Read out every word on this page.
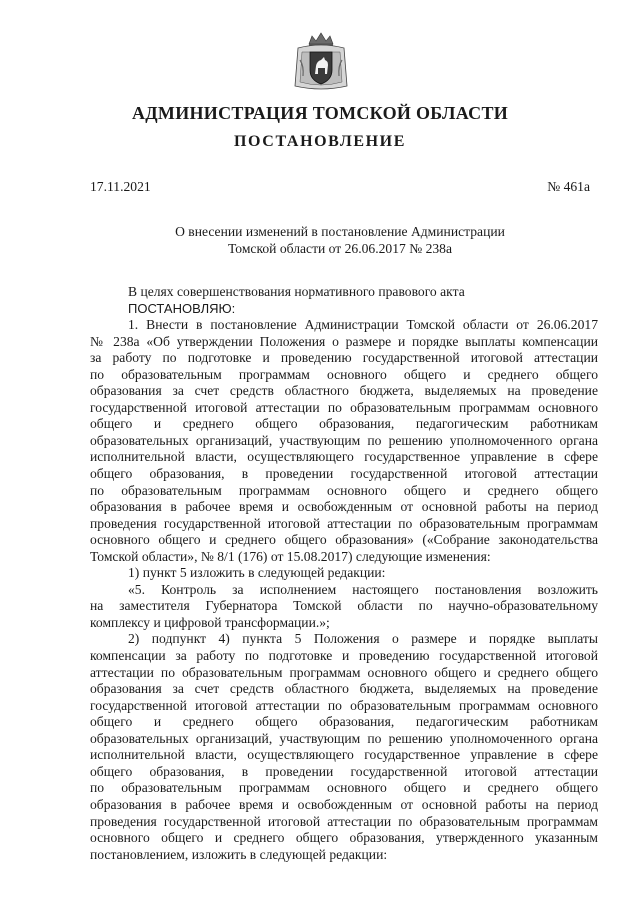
АДМИНИСТРАЦИЯ ТОМСКОЙ ОБЛАСТИ
ПОСТАНОВЛЕНИЕ
17.11.2021	№ 461а
О внесении изменений в постановление Администрации
Томской области от 26.06.2017 № 238а

В целях совершенствования нормативного правового акта

ПОСТАНОВЛЯЮ:

1. Внести в постановление Администрации Томской области от 26.06.2017

№ 238а «Об утверждении Положения о размере и порядке выплаты компенсации

за работу по подготовке и проведению государственной итоговой аттестации

по образовательным программам основного общего и среднего общего

образования за счет средств областного бюджета, выделяемых на проведение

государственной итоговой аттестации по образовательным программам основного

общего и среднего общего образования, педагогическим работникам

образовательных организаций, участвующим по решению уполномоченного органа

исполнительной власти, осуществляющего государственное управление в сфере

общего образования, в проведении государственной итоговой аттестации

по образовательным программам основного общего и среднего общего

образования в рабочее время и освобожденным от основной работы на период

проведения государственной итоговой аттестации по образовательным программам

основного общего и среднего общего образования» («Собрание законодательства

Томской области», № 8/1 (176) от 15.08.2017) следующие изменения:

1) пункт 5 изложить в следующей редакции:

«5. Контроль за исполнением настоящего постановления возложить

на заместителя Губернатора Томской области по научно-образовательному

комплексу и цифровой трансформации.»;

2) подпункт 4) пункта 5 Положения о размере и порядке выплаты

компенсации за работу по подготовке и проведению государственной итоговой

аттестации по образовательным программам основного общего и среднего общего

образования за счет средств областного бюджета, выделяемых на проведение

государственной итоговой аттестации по образовательным программам основного

общего и среднего общего образования, педагогическим работникам

образовательных организаций, участвующим по решению уполномоченного органа

исполнительной власти, осуществляющего государственное управление в сфере

общего образования, в проведении государственной итоговой аттестации

по образовательным программам основного общего и среднего общего

образования в рабочее время и освобожденным от основной работы на период

проведения государственной итоговой аттестации по образовательным программам

основного общего и среднего общего образования, утвержденного указанным

постановлением, изложить в следующей редакции:
